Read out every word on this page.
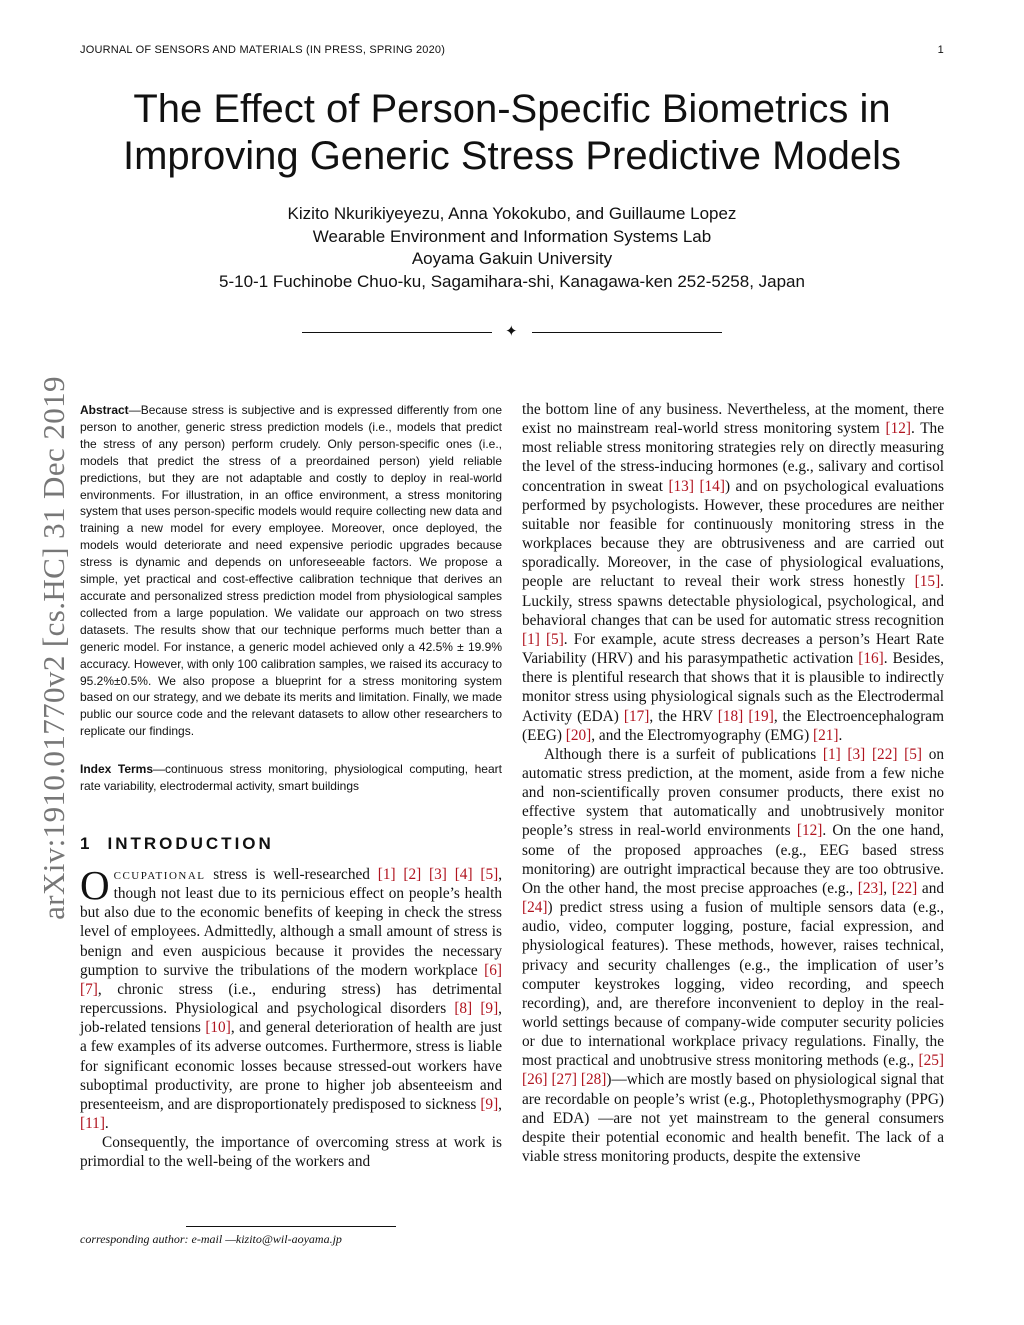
JOURNAL OF SENSORS AND MATERIALS (IN PRESS, SPRING 2020)	1
arXiv:1910.01770v2 [cs.HC] 31 Dec 2019
The Effect of Person-Specific Biometrics in
Improving Generic Stress Predictive Models
Kizito Nkurikiyeyezu, Anna Yokokubo, and Guillaume Lopez
Wearable Environment and Information Systems Lab
Aoyama Gakuin University
5-10-1 Fuchinobe Chuo-ku, Sagamihara-shi, Kanagawa-ken 252-5258, Japan
✦

Abstract—Because stress is subjective and is expressed differently from one person to another, generic stress prediction models (i.e., models that predict the stress of any person) perform crudely. Only person-specific ones (i.e., models that predict the stress of a preordained person) yield reliable predictions, but they are not adaptable and costly to deploy in real-world environments. For illustration, in an office environment, a stress monitoring system that uses person-specific models would require collecting new data and training a new model for every employee. Moreover, once deployed, the models would deteriorate and need expensive periodic upgrades because stress is dynamic and depends on unforeseeable factors. We propose a simple, yet practical and cost-effective calibration technique that derives an accurate and personalized stress prediction model from physiological samples collected from a large population. We validate our approach on two stress datasets. The results show that our technique performs much better than a generic model. For instance, a generic model achieved only a 42.5% ± 19.9% accuracy. However, with only 100 calibration samples, we raised its accuracy to 95.2%±0.5%. We also propose a blueprint for a stress monitoring system based on our strategy, and we debate its merits and limitation. Finally, we made public our source code and the relevant datasets to allow other researchers to replicate our findings.

Index Terms—continuous stress monitoring, physiological computing, heart rate variability, electrodermal activity, smart buildings

1 INTRODUCTION

Occupational stress is well-researched [1] [2] [3] [4] [5], though not least due to its pernicious effect on people’s health but also due to the economic benefits of keeping in check the stress level of employees. Admittedly, although a small amount of stress is benign and even auspicious because it provides the necessary gumption to survive the tribulations of the modern workplace [6] [7], chronic stress (i.e., enduring stress) has detrimental repercussions. Physiological and psychological disorders [8] [9], job-related tensions [10], and general deterioration of health are just a few examples of its adverse outcomes. Furthermore, stress is liable for significant economic losses because stressed-out workers have suboptimal productivity, are prone to higher job absenteeism and presenteeism, and are disproportionately predisposed to sickness [9], [11].

Consequently, the importance of overcoming stress at work is primordial to the well-being of the workers and

the bottom line of any business. Nevertheless, at the moment, there exist no mainstream real-world stress monitoring system [12]. The most reliable stress monitoring strategies rely on directly measuring the level of the stress-inducing hormones (e.g., salivary and cortisol concentration in sweat [13] [14]) and on psychological evaluations performed by psychologists. However, these procedures are neither suitable nor feasible for continuously monitoring stress in the workplaces because they are obtrusiveness and are carried out sporadically. Moreover, in the case of physiological evaluations, people are reluctant to reveal their work stress honestly [15]. Luckily, stress spawns detectable physiological, psychological, and behavioral changes that can be used for automatic stress recognition [1] [5]. For example, acute stress decreases a person’s Heart Rate Variability (HRV) and his parasympathetic activation [16]. Besides, there is plentiful research that shows that it is plausible to indirectly monitor stress using physiological signals such as the Electrodermal Activity (EDA) [17], the HRV [18] [19], the Electroencephalogram (EEG) [20], and the Electromyography (EMG) [21].

Although there is a surfeit of publications [1] [3] [22] [5] on automatic stress prediction, at the moment, aside from a few niche and non-scientifically proven consumer products, there exist no effective system that automatically and unobtrusively monitor people’s stress in real-world environments [12]. On the one hand, some of the proposed approaches (e.g., EEG based stress monitoring) are outright impractical because they are too obtrusive. On the other hand, the most precise approaches (e.g., [23], [22] and [24]) predict stress using a fusion of multiple sensors data (e.g., audio, video, computer logging, posture, facial expression, and physiological features). These methods, however, raises technical, privacy and security challenges (e.g., the implication of user’s computer keystrokes logging, video recording, and speech recording), and, are therefore inconvenient to deploy in the real-world settings because of company-wide computer security policies or due to international workplace privacy regulations. Finally, the most practical and unobtrusive stress monitoring methods (e.g., [25] [26] [27] [28])—which are mostly based on physiological signal that are recordable on people’s wrist (e.g., Photoplethysmography (PPG) and EDA) —are not yet mainstream to the general consumers despite their potential economic and health benefit. The lack of a viable stress monitoring products, despite the extensive

corresponding author: e-mail —kizito@wil-aoyama.jp
